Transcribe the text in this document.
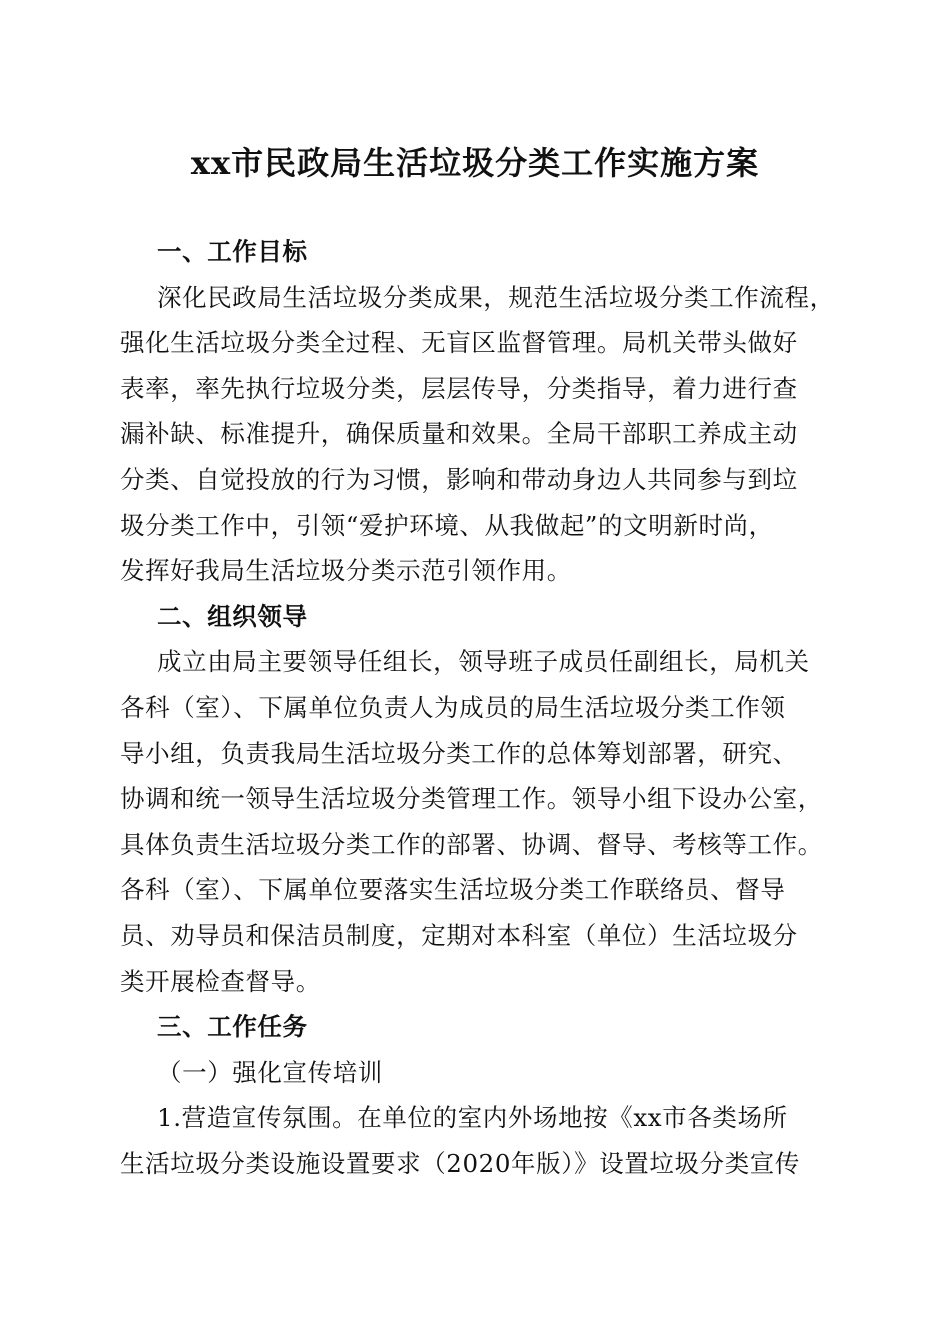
xx市民政局生活垃圾分类工作实施方案
一、工作目标
深化民政局生活垃圾分类成果，规范生活垃圾分类工作流程，
强化生活垃圾分类全过程、无盲区监督管理。局机关带头做好
表率，率先执行垃圾分类，层层传导，分类指导，着力进行查
漏补缺、标准提升，确保质量和效果。全局干部职工养成主动
分类、自觉投放的行为习惯，影响和带动身边人共同参与到垃
圾分类工作中，引领“爱护环境、从我做起”的文明新时尚，
发挥好我局生活垃圾分类示范引领作用。
二、组织领导
成立由局主要领导任组长，领导班子成员任副组长，局机关
各科（室）、下属单位负责人为成员的局生活垃圾分类工作领
导小组，负责我局生活垃圾分类工作的总体筹划部署，研究、
协调和统一领导生活垃圾分类管理工作。领导小组下设办公室，
具体负责生活垃圾分类工作的部署、协调、督导、考核等工作。
各科（室）、下属单位要落实生活垃圾分类工作联络员、督导
员、劝导员和保洁员制度，定期对本科室（单位）生活垃圾分
类开展检查督导。
三、工作任务
（一）强化宣传培训
1.营造宣传氛围。在单位的室内外场地按《xx市各类场所
生活垃圾分类设施设置要求（2020年版）》设置垃圾分类宣传
